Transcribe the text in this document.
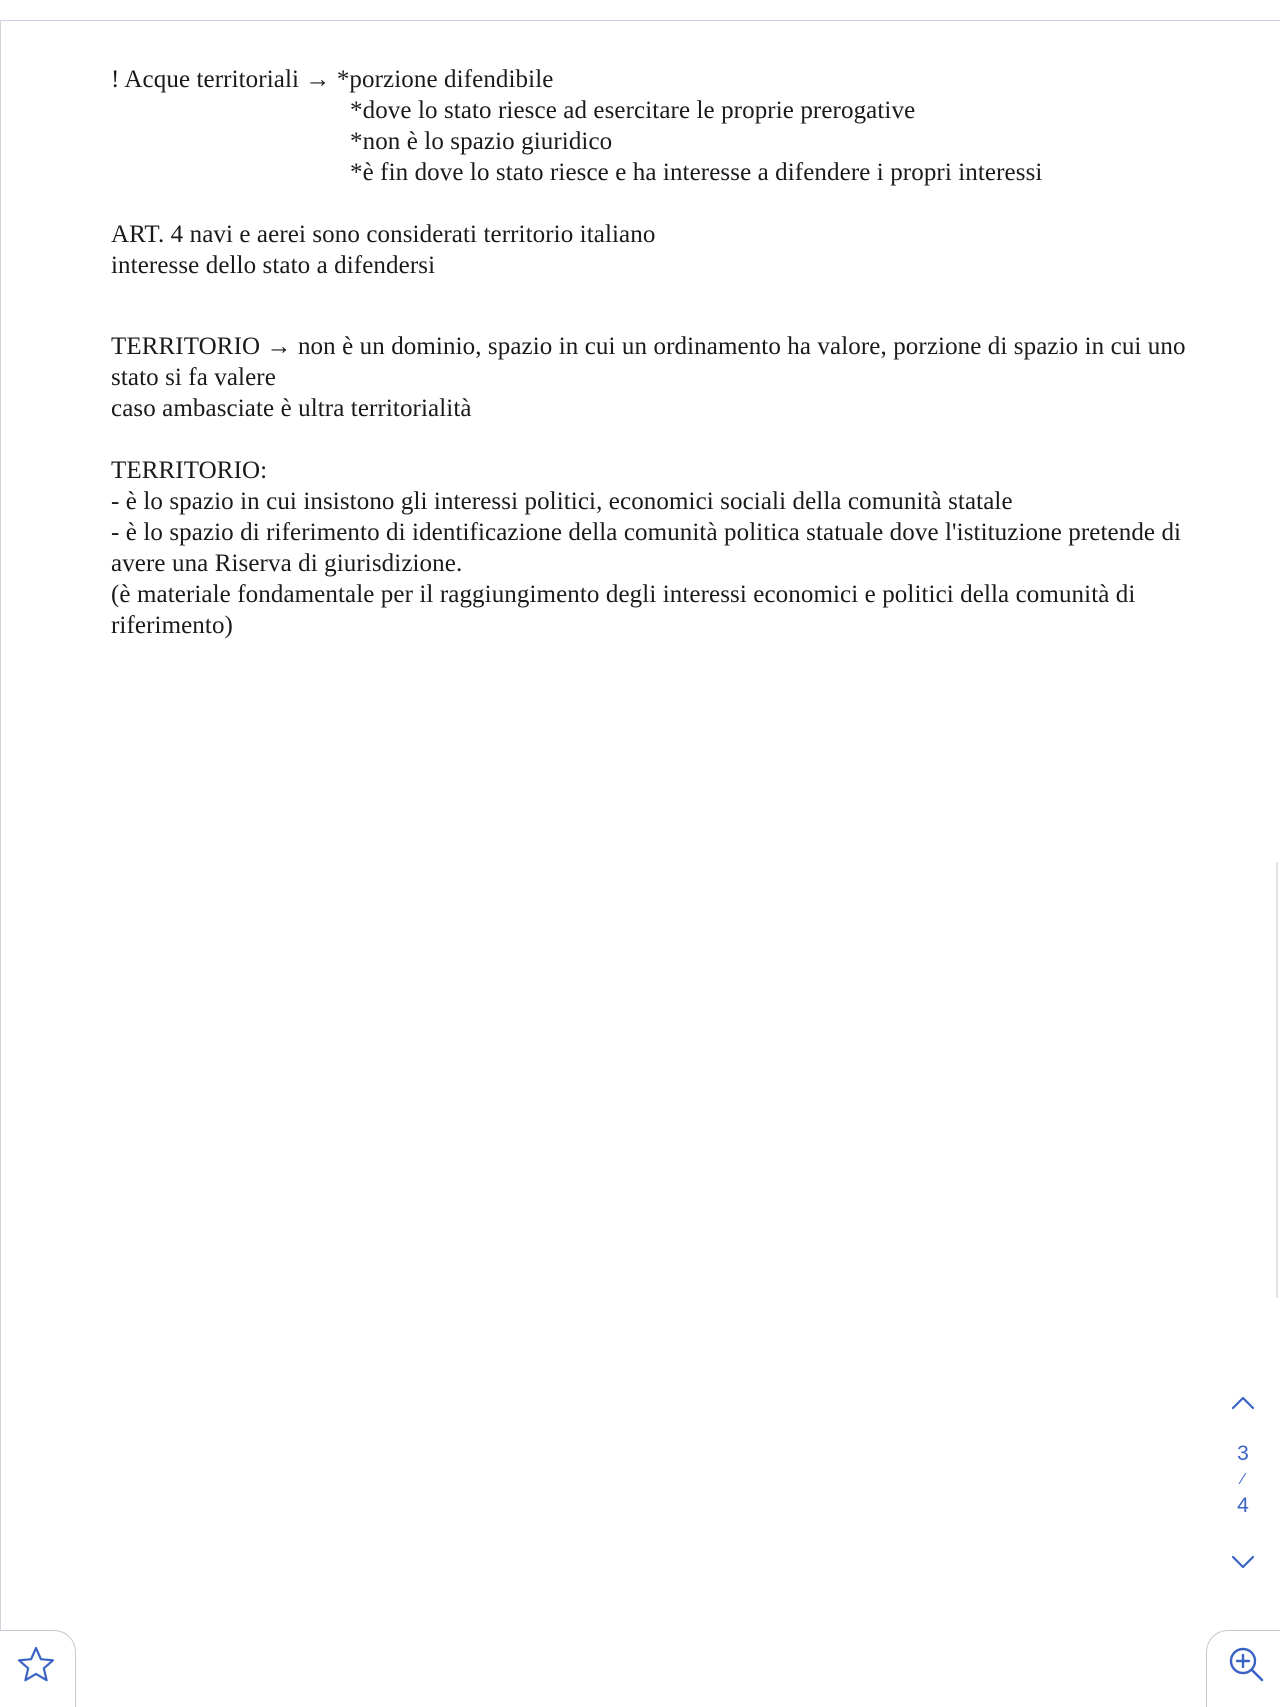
! Acque territoriali → *porzione difendibile
*dove lo stato riesce ad esercitare le proprie prerogative
*non è lo spazio giuridico
*è fin dove lo stato riesce e ha interesse a difendere i propri interessi
ART. 4 navi e aerei sono considerati territorio italiano
interesse dello stato a difendersi
TERRITORIO → non è un dominio, spazio in cui un ordinamento ha valore, porzione di spazio in cui uno stato si fa valere
caso ambasciate è ultra territorialità
TERRITORIO:
- è lo spazio in cui insistono gli interessi politici, economici sociali della comunità statale
- è lo spazio di riferimento di identificazione della comunità politica statuale dove l'istituzione pretende di avere una Riserva di giurisdizione.
(è materiale fondamentale per il raggiungimento degli interessi economici e politici della comunità di riferimento)
3
⁄
4
